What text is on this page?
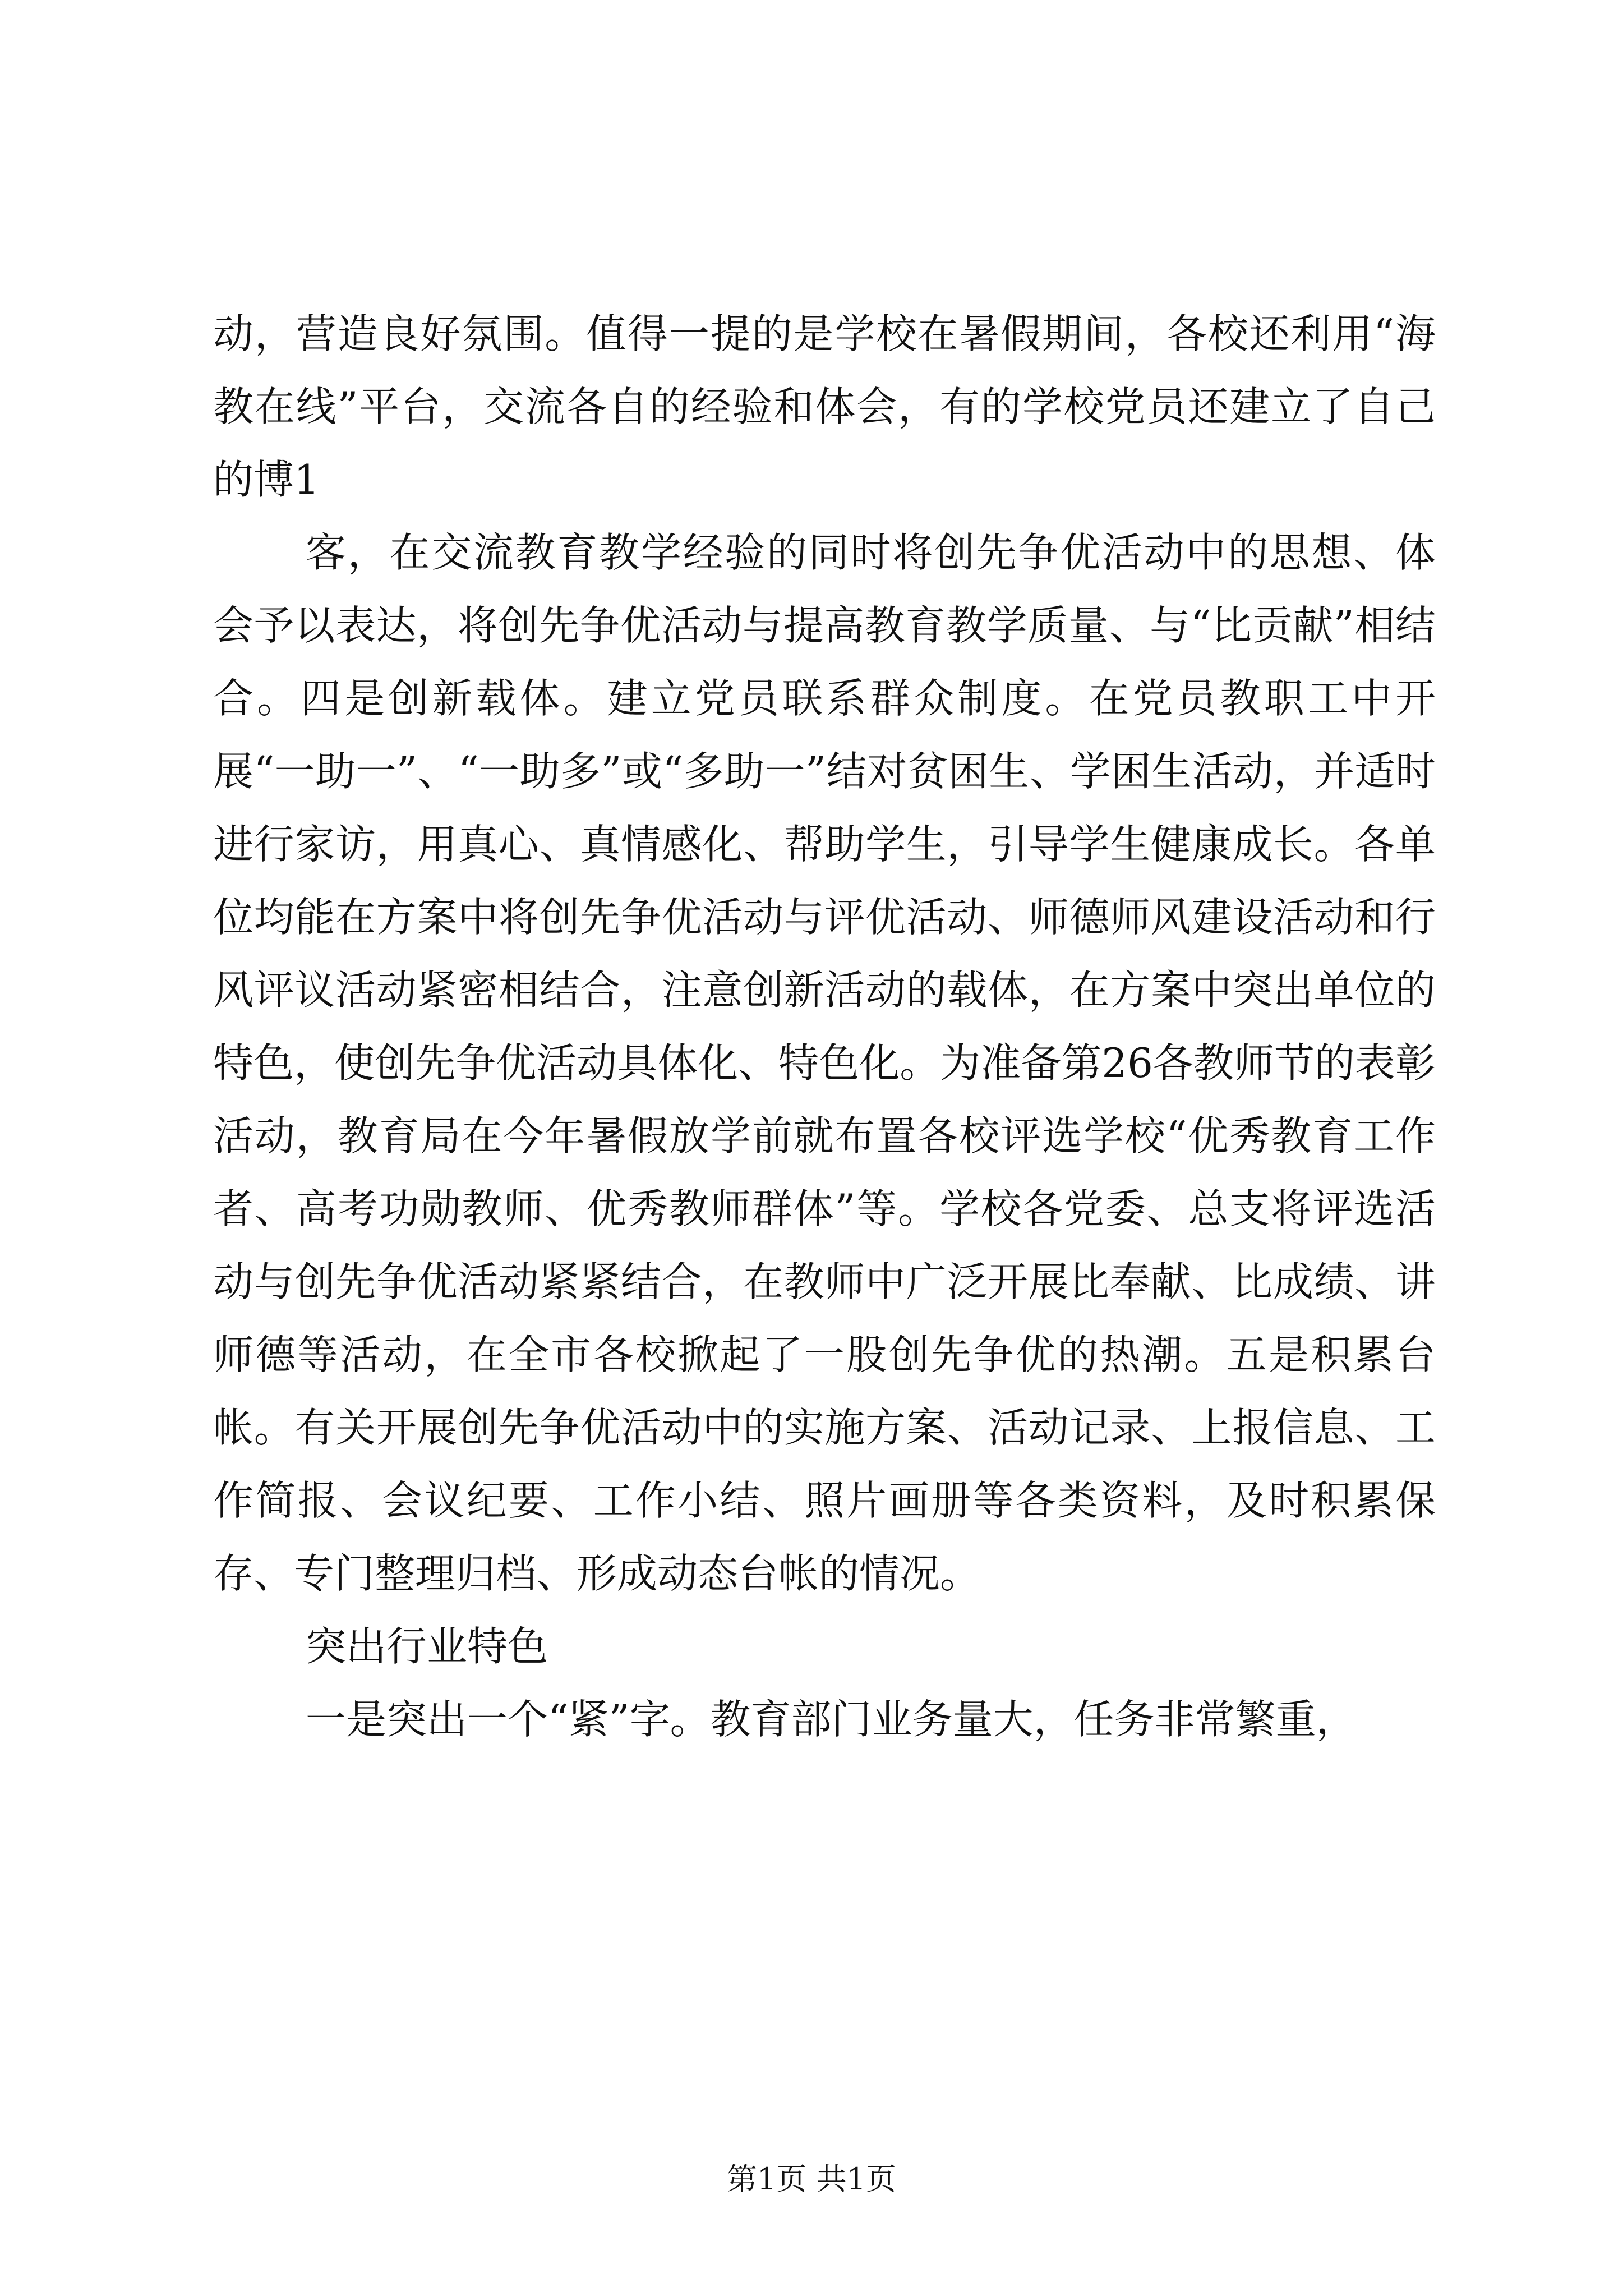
动，营造良好氛围。值得一提的是学校在暑假期间，各校还利用“海教在线”平台，交流各自的经验和体会，有的学校党员还建立了自己的博1

客，在交流教育教学经验的同时将创先争优活动中的思想、体会予以表达，将创先争优活动与提高教育教学质量、与“比贡献”相结合。四是创新载体。建立党员联系群众制度。在党员教职工中开展“一助一”、“一助多”或“多助一”结对贫困生、学困生活动，并适时进行家访，用真心、真情感化、帮助学生，引导学生健康成长。各单位均能在方案中将创先争优活动与评优活动、师德师风建设活动和行风评议活动紧密相结合，注意创新活动的载体，在方案中突出单位的特色，使创先争优活动具体化、特色化。为准备第26各教师节的表彰活动，教育局在今年暑假放学前就布置各校评选学校“优秀教育工作者、高考功勋教师、优秀教师群体”等。学校各党委、总支将评选活动与创先争优活动紧紧结合，在教师中广泛开展比奉献、比成绩、讲师德等活动，在全市各校掀起了一股创先争优的热潮。五是积累台帐。有关开展创先争优活动中的实施方案、活动记录、上报信息、工作简报、会议纪要、工作小结、照片画册等各类资料，及时积累保存、专门整理归档、形成动态台帐的情况。

突出行业特色

一是突出一个“紧”字。教育部门业务量大，任务非常繁重，

第1页 共1页
